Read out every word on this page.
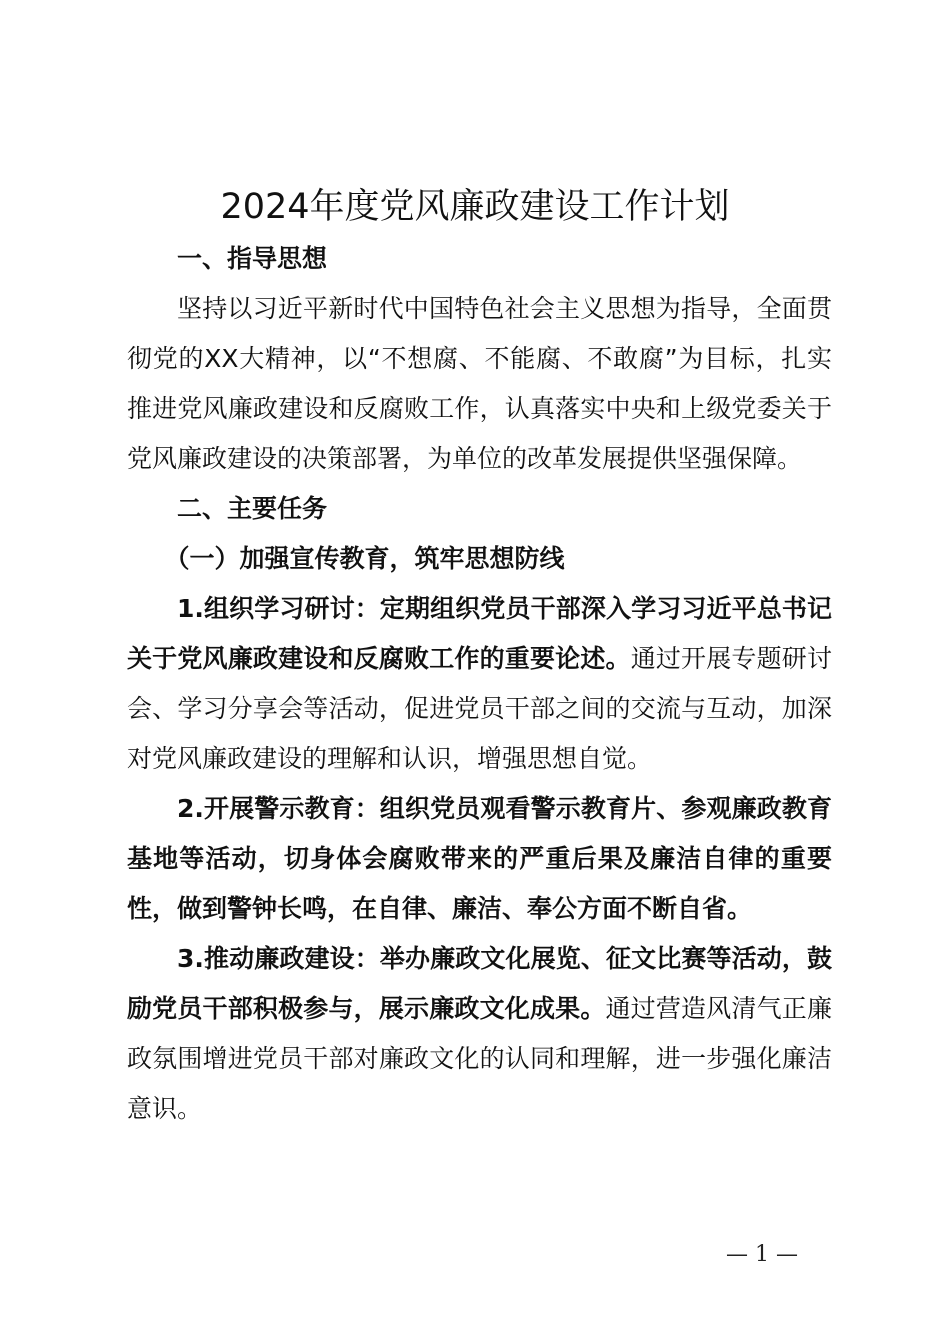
2024年度党风廉政建设工作计划

一、指导思想

坚持以习近平新时代中国特色社会主义思想为指导，全面贯彻党的XX大精神，以“不想腐、不能腐、不敢腐”为目标，扎实推进党风廉政建设和反腐败工作，认真落实中央和上级党委关于党风廉政建设的决策部署，为单位的改革发展提供坚强保障。

二、主要任务

（一）加强宣传教育，筑牢思想防线

1.组织学习研讨：定期组织党员干部深入学习习近平总书记关于党风廉政建设和反腐败工作的重要论述。通过开展专题研讨会、学习分享会等活动，促进党员干部之间的交流与互动，加深对党风廉政建设的理解和认识，增强思想自觉。

2.开展警示教育：组织党员观看警示教育片、参观廉政教育基地等活动，切身体会腐败带来的严重后果及廉洁自律的重要性，做到警钟长鸣，在自律、廉洁、奉公方面不断自省。

3.推动廉政建设：举办廉政文化展览、征文比赛等活动，鼓励党员干部积极参与，展示廉政文化成果。通过营造风清气正廉政氛围增进党员干部对廉政文化的认同和理解，进一步强化廉洁意识。

— 1 —
